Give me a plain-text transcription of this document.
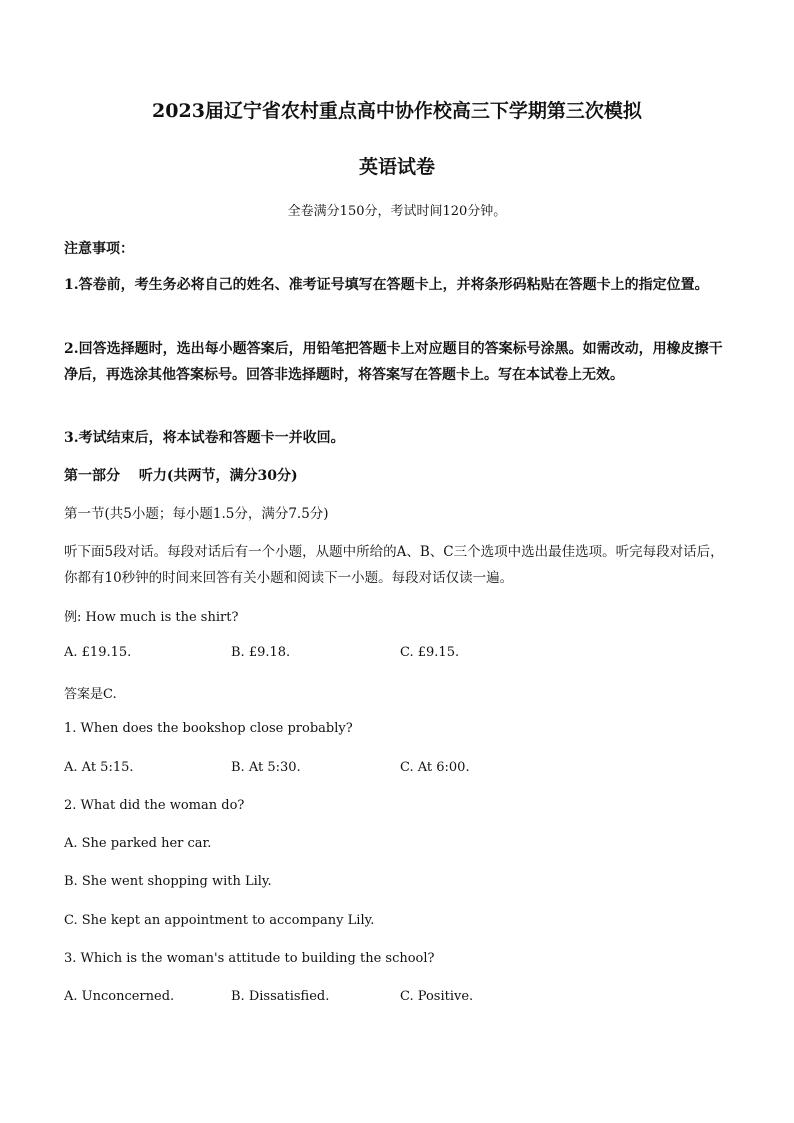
2023届辽宁省农村重点高中协作校高三下学期第三次模拟
英语试卷
全卷满分150分，考试时间120分钟。
注意事项：
1.答卷前，考生务必将自己的姓名、准考证号填写在答题卡上，并将条形码粘贴在答题卡上的指定位置。
2.回答选择题时，选出每小题答案后，用铅笔把答题卡上对应题目的答案标号涂黑。如需改动，用橡皮擦干净后，再选涂其他答案标号。回答非选择题时，将答案写在答题卡上。写在本试卷上无效。
3.考试结束后，将本试卷和答题卡一并收回。
第一部分　 听力(共两节，满分30分)
第一节(共5小题；每小题1.5分，满分7.5分)
听下面5段对话。每段对话后有一个小题，从题中所给的A、B、C三个选项中选出最佳选项。听完每段对话后，你都有10秒钟的时间来回答有关小题和阅读下一小题。每段对话仅读一遍。
例: How much is the shirt?
A. £19.15.	B. £9.18.	C. £9.15.
答案是C.
1. When does the bookshop close probably?
A. At 5:15.	B. At 5:30.	C. At 6:00.
2. What did the woman do?
A. She parked her car.
B. She went shopping with Lily.
C. She kept an appointment to accompany Lily.
3. Which is the woman's attitude to building the school?
A. Unconcerned.	B. Dissatisfied.	C. Positive.
